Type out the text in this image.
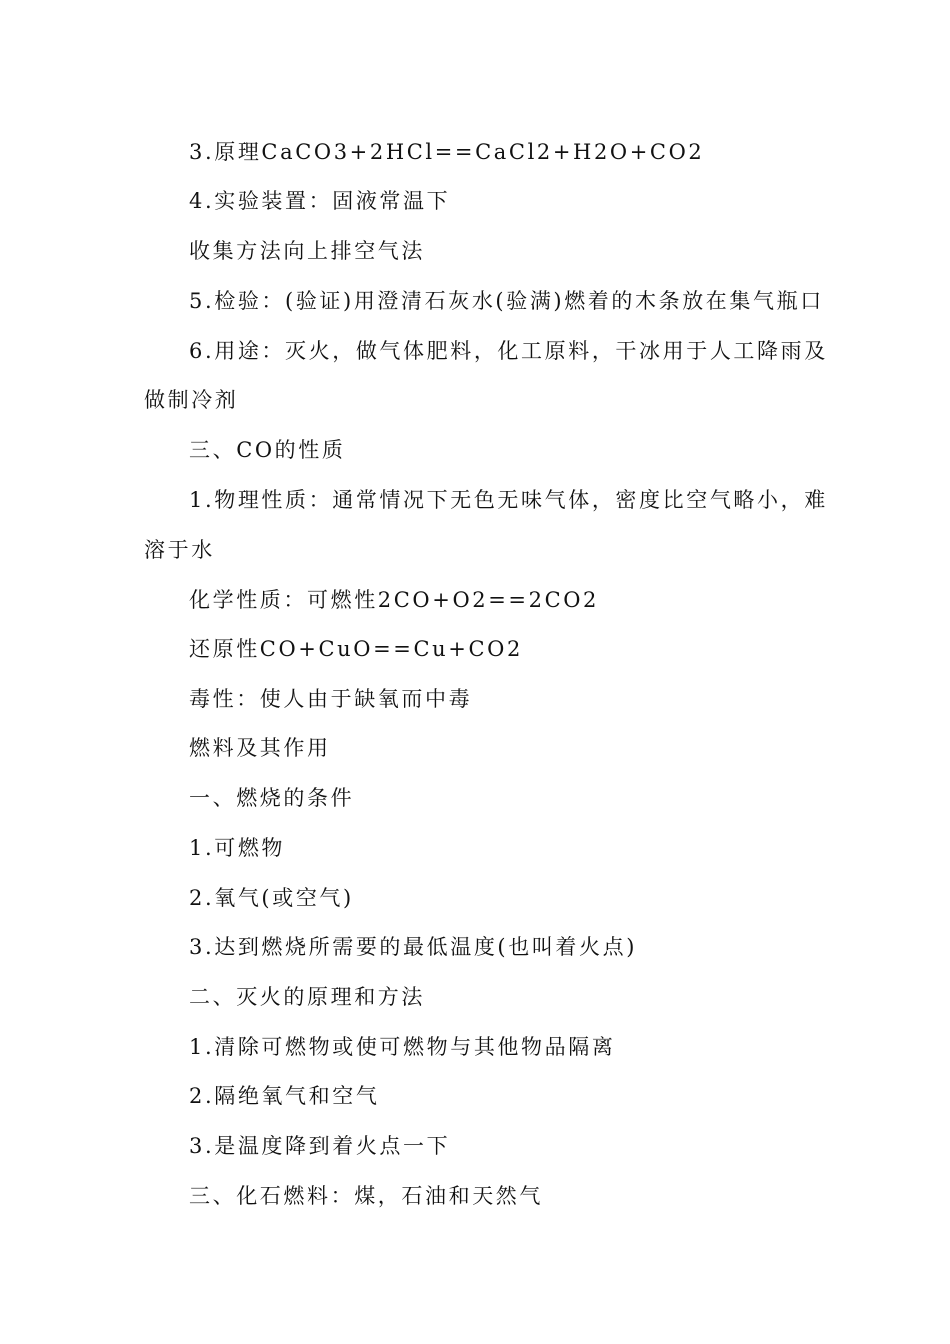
3.原理CaCO3+2HCl==CaCl2+H2O+CO2
4.实验装置：固液常温下
收集方法向上排空气法
5.检验：(验证)用澄清石灰水(验满)燃着的木条放在集气瓶口
6.用途：灭火，做气体肥料，化工原料，干冰用于人工降雨及
做制冷剂
三、CO的性质
1.物理性质：通常情况下无色无味气体，密度比空气略小，难
溶于水
化学性质：可燃性2CO+O2==2CO2
还原性CO+CuO==Cu+CO2
毒性：使人由于缺氧而中毒
燃料及其作用
一、燃烧的条件
1.可燃物
2.氧气(或空气)
3.达到燃烧所需要的最低温度(也叫着火点)
二、灭火的原理和方法
1.清除可燃物或使可燃物与其他物品隔离
2.隔绝氧气和空气
3.是温度降到着火点一下
三、化石燃料：煤，石油和天然气
